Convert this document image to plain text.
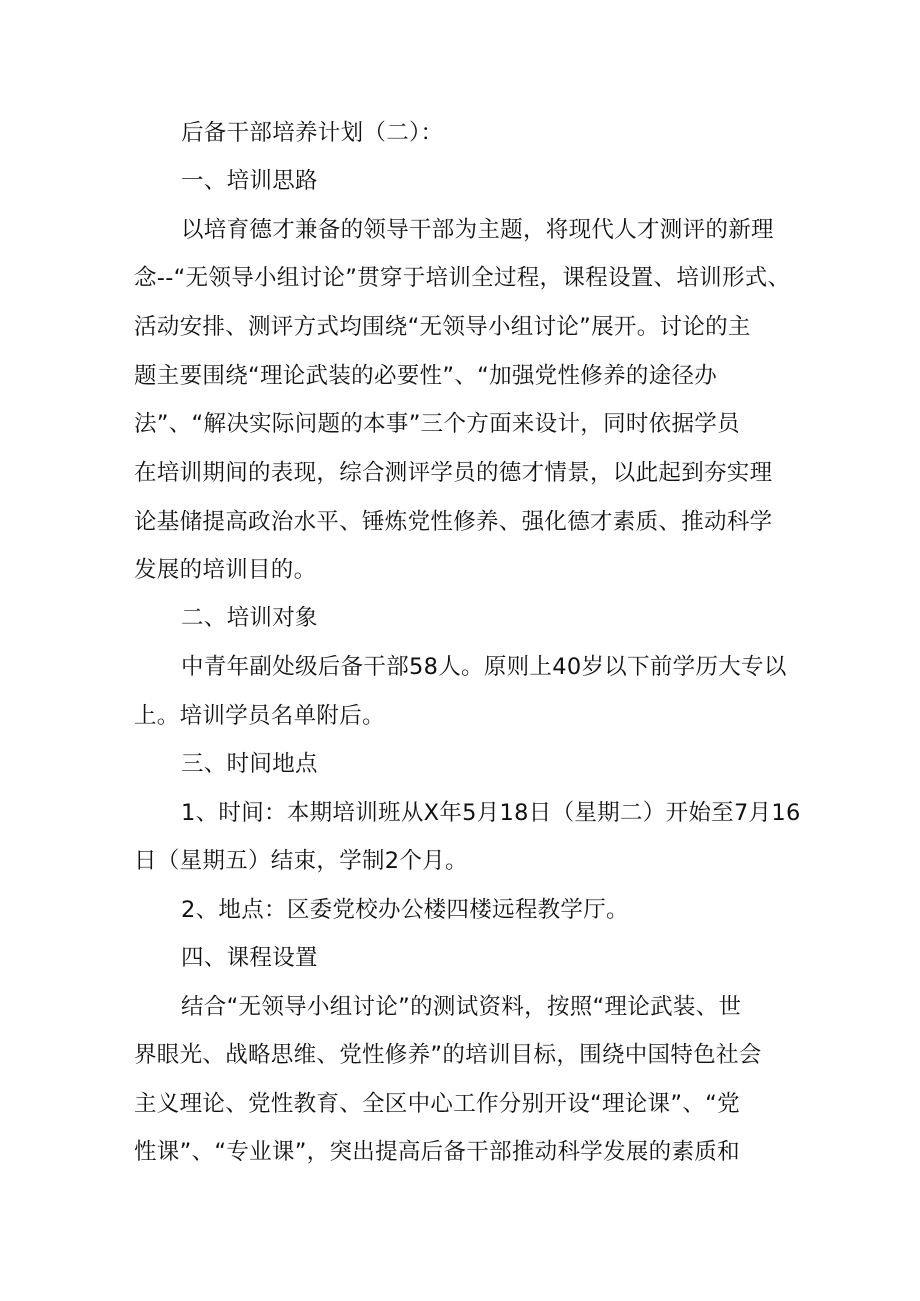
后备干部培养计划（二）：
一、培训思路
以培育德才兼备的领导干部为主题，将现代人才测评的新理
念--“无领导小组讨论”贯穿于培训全过程，课程设置、培训形式、
活动安排、测评方式均围绕“无领导小组讨论”展开。讨论的主
题主要围绕“理论武装的必要性”、“加强党性修养的途径办
法”、“解决实际问题的本事”三个方面来设计，同时依据学员
在培训期间的表现，综合测评学员的德才情景，以此起到夯实理
论基储提高政治水平、锤炼党性修养、强化德才素质、推动科学
发展的培训目的。
二、培训对象
中青年副处级后备干部58人。原则上40岁以下前学历大专以
上。培训学员名单附后。
三、时间地点
1、时间：本期培训班从X年5月18日（星期二）开始至7月16
日（星期五）结束，学制2个月。
2、地点：区委党校办公楼四楼远程教学厅。
四、课程设置
结合“无领导小组讨论”的测试资料，按照“理论武装、世
界眼光、战略思维、党性修养”的培训目标，围绕中国特色社会
主义理论、党性教育、全区中心工作分别开设“理论课”、“党
性课”、“专业课”，突出提高后备干部推动科学发展的素质和
